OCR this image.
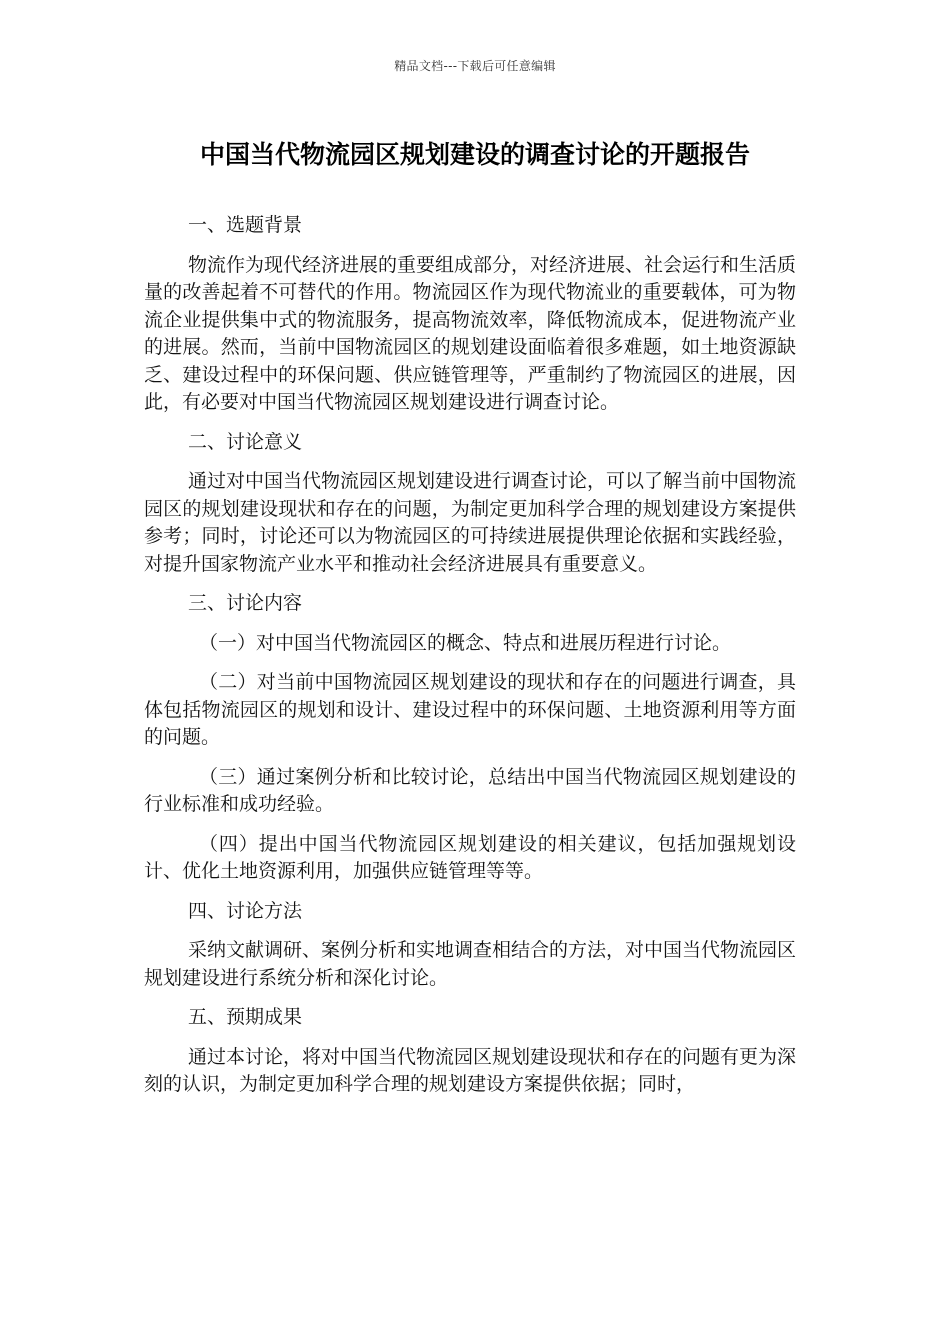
精品文档---下载后可任意编辑
中国当代物流园区规划建设的调查讨论的开题报告
一、选题背景
物流作为现代经济进展的重要组成部分，对经济进展、社会运行和生活质量的改善起着不可替代的作用。物流园区作为现代物流业的重要载体，可为物流企业提供集中式的物流服务，提高物流效率，降低物流成本，促进物流产业的进展。然而，当前中国物流园区的规划建设面临着很多难题，如土地资源缺乏、建设过程中的环保问题、供应链管理等，严重制约了物流园区的进展，因此，有必要对中国当代物流园区规划建设进行调查讨论。
二、讨论意义
通过对中国当代物流园区规划建设进行调查讨论，可以了解当前中国物流园区的规划建设现状和存在的问题，为制定更加科学合理的规划建设方案提供参考；同时，讨论还可以为物流园区的可持续进展提供理论依据和实践经验，对提升国家物流产业水平和推动社会经济进展具有重要意义。
三、讨论内容
（一）对中国当代物流园区的概念、特点和进展历程进行讨论。
（二）对当前中国物流园区规划建设的现状和存在的问题进行调查，具体包括物流园区的规划和设计、建设过程中的环保问题、土地资源利用等方面的问题。
（三）通过案例分析和比较讨论，总结出中国当代物流园区规划建设的行业标准和成功经验。
（四）提出中国当代物流园区规划建设的相关建议，包括加强规划设计、优化土地资源利用，加强供应链管理等等。
四、讨论方法
采纳文献调研、案例分析和实地调查相结合的方法，对中国当代物流园区规划建设进行系统分析和深化讨论。
五、预期成果
通过本讨论，将对中国当代物流园区规划建设现状和存在的问题有更为深刻的认识，为制定更加科学合理的规划建设方案提供依据；同时，
